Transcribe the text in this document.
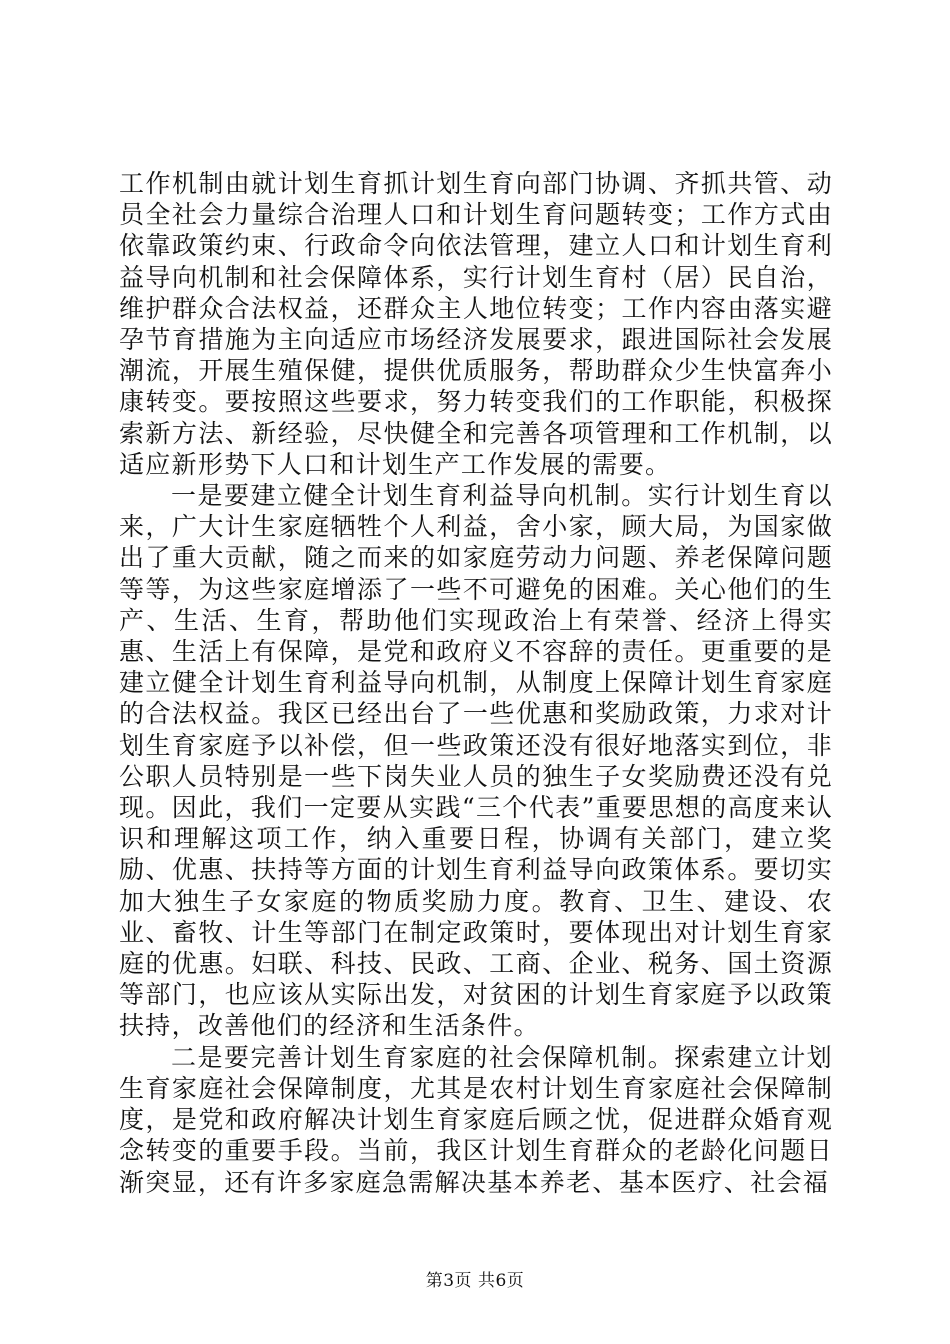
工作机制由就计划生育抓计划生育向部门协调、齐抓共管、动员全社会力量综合治理人口和计划生育问题转变；工作方式由依靠政策约束、行政命令向依法管理，建立人口和计划生育利益导向机制和社会保障体系，实行计划生育村（居）民自治，维护群众合法权益，还群众主人地位转变；工作内容由落实避孕节育措施为主向适应市场经济发展要求，跟进国际社会发展潮流，开展生殖保健，提供优质服务，帮助群众少生快富奔小康转变。要按照这些要求，努力转变我们的工作职能，积极探索新方法、新经验，尽快健全和完善各项管理和工作机制，以适应新形势下人口和计划生产工作发展的需要。

一是要建立健全计划生育利益导向机制。实行计划生育以来，广大计生家庭牺牲个人利益，舍小家，顾大局，为国家做出了重大贡献，随之而来的如家庭劳动力问题、养老保障问题等等，为这些家庭增添了一些不可避免的困难。关心他们的生产、生活、生育，帮助他们实现政治上有荣誉、经济上得实惠、生活上有保障，是党和政府义不容辞的责任。更重要的是建立健全计划生育利益导向机制，从制度上保障计划生育家庭的合法权益。我区已经出台了一些优惠和奖励政策，力求对计划生育家庭予以补偿，但一些政策还没有很好地落实到位，非公职人员特别是一些下岗失业人员的独生子女奖励费还没有兑现。因此，我们一定要从实践“三个代表”重要思想的高度来认识和理解这项工作，纳入重要日程，协调有关部门，建立奖励、优惠、扶持等方面的计划生育利益导向政策体系。要切实加大独生子女家庭的物质奖励力度。教育、卫生、建设、农业、畜牧、计生等部门在制定政策时，要体现出对计划生育家庭的优惠。妇联、科技、民政、工商、企业、税务、国土资源等部门，也应该从实际出发，对贫困的计划生育家庭予以政策扶持，改善他们的经济和生活条件。

二是要完善计划生育家庭的社会保障机制。探索建立计划生育家庭社会保障制度，尤其是农村计划生育家庭社会保障制度，是党和政府解决计划生育家庭后顾之忧，促进群众婚育观念转变的重要手段。当前，我区计划生育群众的老龄化问题日渐突显，还有许多家庭急需解决基本养老、基本医疗、社会福

第3页 共6页
